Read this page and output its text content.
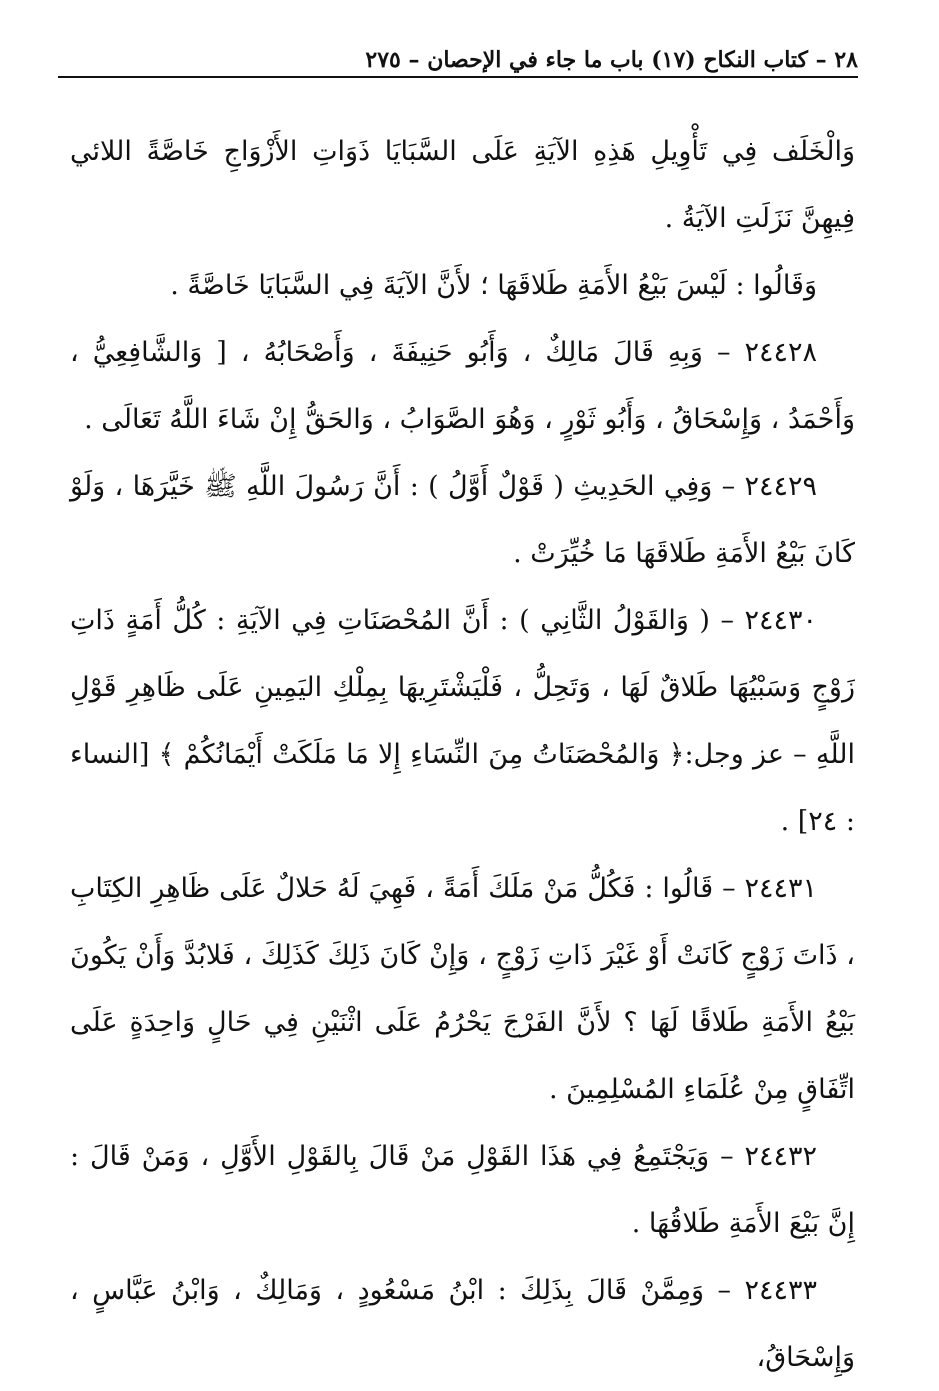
٢٨ – كتاب النكاح (١٧) باب ما جاء في الإحصان – ٢٧٥

وَالْخَلَف فِي تَأْوِيلِ هَذِهِ الآيَةِ عَلَى السَّبَايَا ذَوَاتِ الأَزْوَاجِ خَاصَّةً اللائي فِيهِنَّ نَزَلَتِ الآيَةُ .

وَقَالُوا : لَيْسَ بَيْعُ الأَمَةِ طَلاقَهَا ؛ لأَنَّ الآيَةَ فِي السَّبَايَا خَاصَّةً .

٢٤٤٢٨ – وَبِهِ قَالَ مَالِكٌ ، وَأَبُو حَنِيفَةَ ، وَأَصْحَابُهُ ، [ وَالشَّافِعِيُّ ، وَأَحْمَدُ ، وَإِسْحَاقُ ، وَأَبُو ثَوْرٍ ، وَهُوَ الصَّوَابُ ، وَالحَقُّ إِنْ شَاءَ اللَّهُ تَعَالَى .

٢٤٤٢٩ – وَفِي الحَدِيثِ ( قَوْلٌ أَوَّلُ ) : أَنَّ رَسُولَ اللَّهِ ﷺ خَيَّرَهَا ، وَلَوْ كَانَ بَيْعُ الأَمَةِ طَلاقَهَا مَا خُيِّرَتْ .

٢٤٤٣٠ – ( وَالقَوْلُ الثَّانِي ) : أَنَّ المُحْصَنَاتِ فِي الآيَةِ : كُلُّ أَمَةٍ ذَاتِ زَوْجٍ وَسَبْيُهَا طَلاقٌ لَهَا ، وَتَحِلُّ ، فَلْيَشْتَرِيهَا بِمِلْكِ اليَمِينِ عَلَى ظَاهِرِ قَوْلِ اللَّهِ – عز وجل:﴿ وَالمُحْصَنَاتُ مِنَ النِّسَاءِ إِلا مَا مَلَكَتْ أَيْمَانُكُمْ ﴾ [النساء : ٢٤] .

٢٤٤٣١ – قَالُوا : فَكُلُّ مَنْ مَلَكَ أَمَةً ، فَهِيَ لَهُ حَلالٌ عَلَى ظَاهِرِ الكِتَابِ ، ذَاتَ زَوْجٍ كَانَتْ أَوْ غَيْرَ ذَاتِ زَوْجٍ ، وَإِنْ كَانَ ذَلِكَ كَذَلِكَ ، فَلابُدَّ وَأَنْ يَكُونَ بَيْعُ الأَمَةِ طَلاقًا لَهَا ؟ لأَنَّ الفَرْجَ يَحْرُمُ عَلَى اثْنَيْنِ فِي حَالٍ وَاحِدَةٍ عَلَى اتِّفَاقٍ مِنْ عُلَمَاءِ المُسْلِمِينَ .

٢٤٤٣٢ – وَيَجْتَمِعُ فِي هَذَا القَوْلِ مَنْ قَالَ بِالقَوْلِ الأَوَّلِ ، وَمَنْ قَالَ : إِنَّ بَيْعَ الأَمَةِ طَلاقُهَا .

٢٤٤٣٣ – وَمِمَّنْ قَالَ بِذَلِكَ : ابْنُ مَسْعُودٍ ، وَمَالِكٌ ، وَابْنُ عَبَّاسٍ ، وَإِسْحَاقُ،
